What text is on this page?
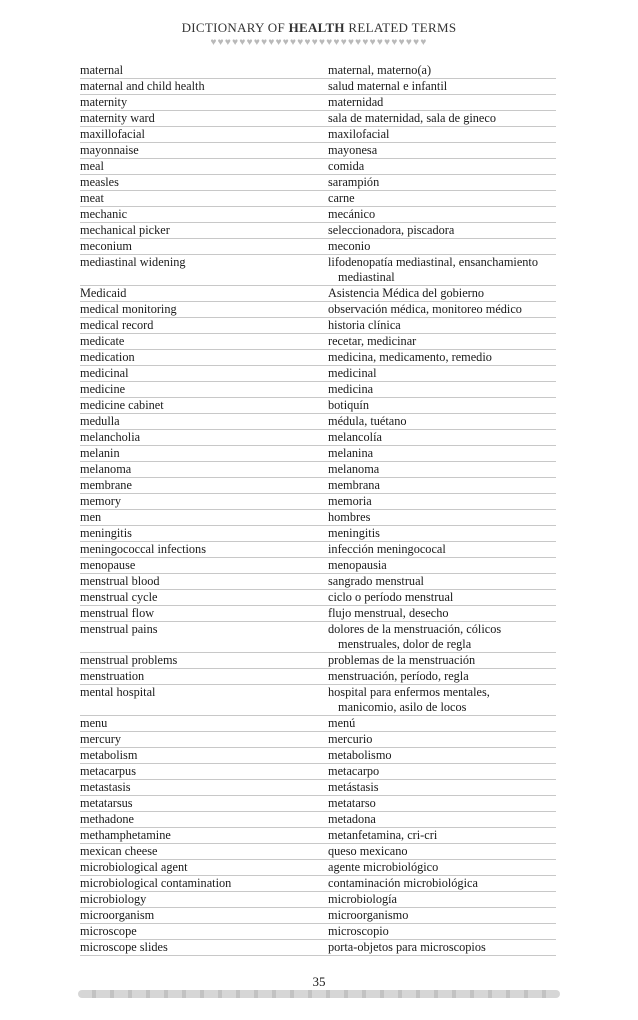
DICTIONARY OF HEALTH RELATED TERMS
♥♥♥♥♥♥♥♥♥♥♥♥♥♥♥♥♥♥♥♥♥♥♥♥♥♥♥♥♥♥
maternal	maternal, materno(a)
maternal and child health	salud maternal e infantil
maternity	maternidad
maternity ward	sala de maternidad, sala de gineco
maxillofacial	maxilofacial
mayonnaise	mayonesa
meal	comida
measles	sarampión
meat	carne
mechanic	mecánico
mechanical picker	seleccionadora, piscadora
meconium	meconio
mediastinal widening	lifodenopatía mediastinal, ensanchamiento
mediastinal
Medicaid	Asistencia Médica del gobierno
medical monitoring	observación médica, monitoreo médico
medical record	historia clínica
medicate	recetar, medicinar
medication	medicina, medicamento, remedio
medicinal	medicinal
medicine	medicina
medicine cabinet	botiquín
medulla	médula, tuétano
melancholia	melancolía
melanin	melanina
melanoma	melanoma
membrane	membrana
memory	memoria
men	hombres
meningitis	meningitis
meningococcal infections	infección meningococal
menopause	menopausia
menstrual blood	sangrado menstrual
menstrual cycle	ciclo o período menstrual
menstrual flow	flujo menstrual, desecho
menstrual pains	dolores de la menstruación, cólicos
menstruales, dolor de regla
menstrual problems	problemas de la menstruación
menstruation	menstruación, período, regla
mental hospital	hospital para enfermos mentales,
manicomio, asilo de locos
menu	menú
mercury	mercurio
metabolism	metabolismo
metacarpus	metacarpo
metastasis	metástasis
metatarsus	metatarso
methadone	metadona
methamphetamine	metanfetamina, cri-cri
mexican cheese	queso mexicano
microbiological agent	agente microbiológico
microbiological contamination	contaminación microbiológica
microbiology	microbiología
microorganism	microorganismo
microscope	microscopio
microscope slides	porta-objetos para microscopios
35
